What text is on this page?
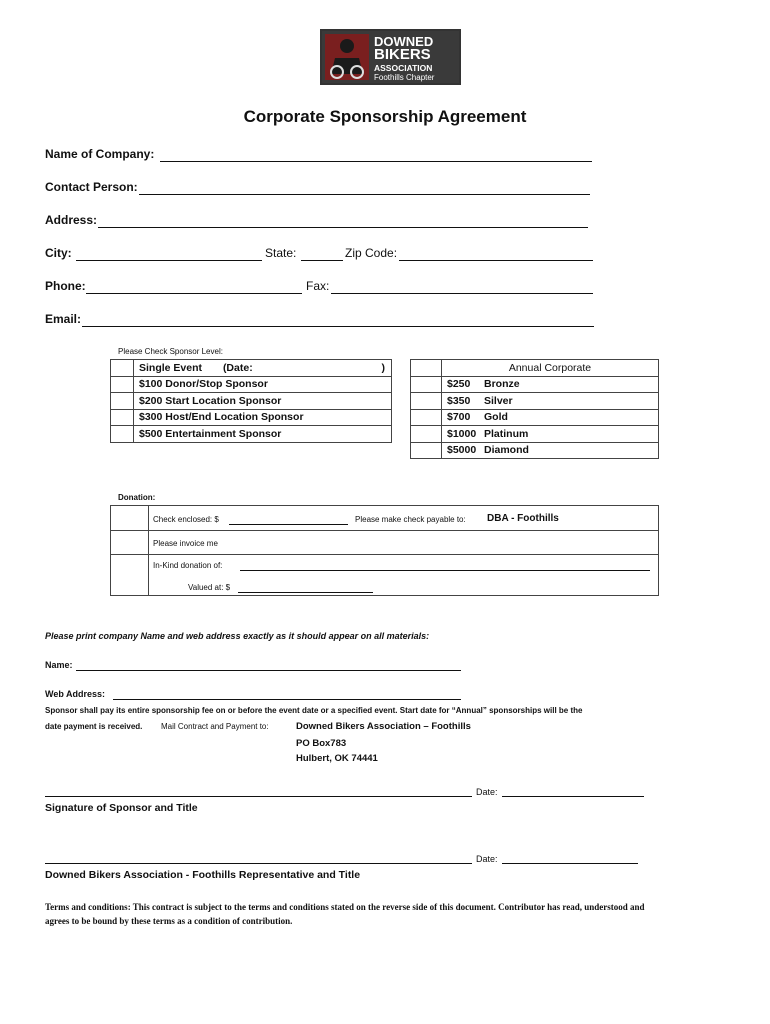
DOWNED
BIKERS
ASSOCIATION
Foothills Chapter
Corporate Sponsorship Agreement
Name of Company:
Contact Person:
Address:
City:	State:	Zip Code:
Phone:	Fax:
Email:
Please Check Sponsor Level:
	Single Event (Date: )

	$100 Donor/Stop Sponsor
	$200 Start Location Sponsor
	$300 Host/End Location Sponsor
	$500 Entertainment Sponsor
	Annual Corporate
	$250 Bronze
	$350 Silver
	$700 Gold
	$1000 Platinum
	$5000 Diamond
Donation:
Check enclosed: $	Please make check payable to: DBA - Foothills
Please invoice me
In-Kind donation of:
Valued at: $
Please print company Name and web address exactly as it should appear on all materials:
Name:
Web Address:
Sponsor shall pay its entire sponsorship fee on or before the event date or a specified event. Start date for “Annual” sponsorships will be the
date payment is received. Mail Contract and Payment to:	Downed Bikers Association – Foothills
PO Box783
Hulbert, OK 74441
Date:
Signature of Sponsor and Title
Date:
Downed Bikers Association - Foothills Representative and Title
Terms and conditions: This contract is subject to the terms and conditions stated on the reverse side of this document. Contributor has read, understood and
agrees to be bound by these terms as a condition of contribution.
